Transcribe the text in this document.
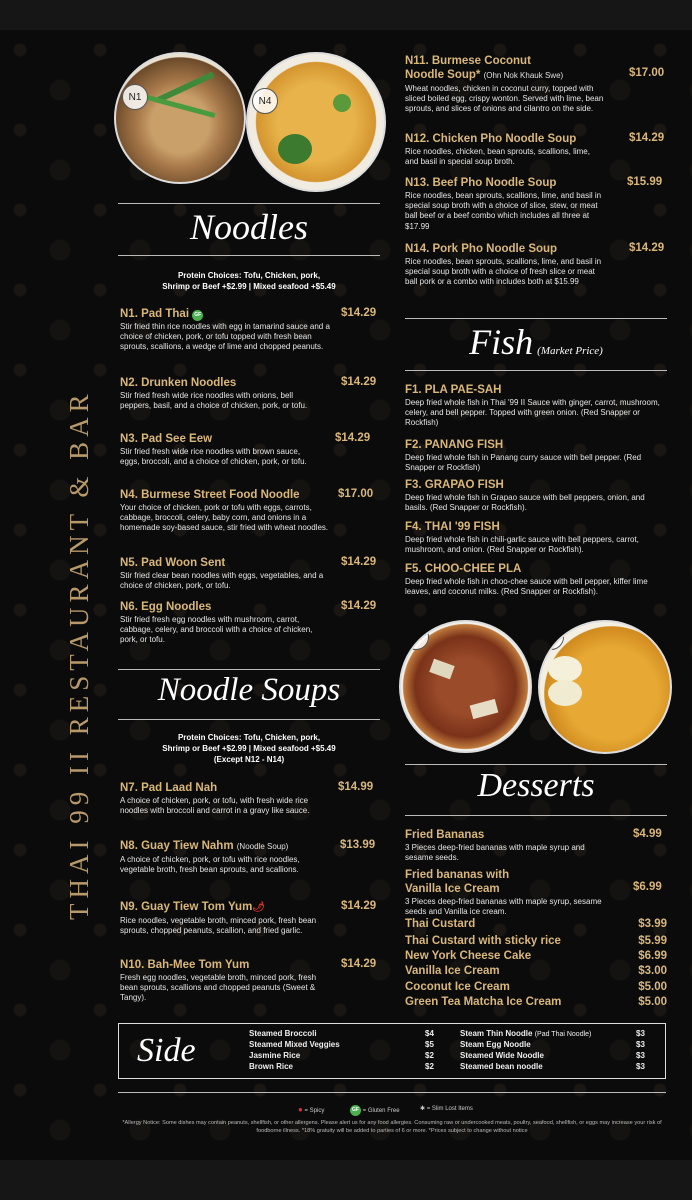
THAI 99 II RESTAURANT & BAR
N1	N4
Noodles
Protein Choices: Tofu, Chicken, pork,
Shrimp or Beef +$2.99 | Mixed seafood +$5.49
N1. Pad Thai GF	$14.29
Stir fried thin rice noodles with egg in tamarind sauce and a choice of chicken, pork, or tofu topped with fresh bean sprouts, scallions, a wedge of lime and chopped peanuts.
N2. Drunken Noodles	$14.29
Stir fried fresh wide rice noodles with onions, bell peppers, basil, and a choice of chicken, pork, or tofu.
N3. Pad See Eew	$14.29
Stir fried fresh wide rice noodles with brown sauce, eggs, broccoli, and a choice of chicken, pork, or tofu.
N4. Burmese Street Food Noodle	$17.00
Your choice of chicken, pork or tofu with eggs, carrots, cabbage, broccoli, celery, baby corn, and onions in a homemade soy-based sauce, stir fried with wheat noodles.
N5. Pad Woon Sent	$14.29
Stir fried clear bean noodles with eggs, vegetables, and a choice of chicken, pork, or tofu.
N6. Egg Noodles	$14.29
Stir fried fresh egg noodles with mushroom, carrot, cabbage, celery, and broccoli with a choice of chicken, pork, or tofu.
Noodle Soups
Protein Choices: Tofu, Chicken, pork,
Shrimp or Beef +$2.99 | Mixed seafood +$5.49
(Except N12 - N14)
N7. Pad Laad Nah	$14.99
A choice of chicken, pork, or tofu, with fresh wide rice noodles with broccoli and carrot in a gravy like sauce.
N8. Guay Tiew Nahm (Noodle Soup)	$13.99
A choice of chicken, pork, or tofu with rice noodles, vegetable broth, fresh bean sprouts, and scallions.
N9. Guay Tiew Tom Yum🌶	$14.29
Rice noodles, vegetable broth, minced pork, fresh bean sprouts, chopped peanuts, scallion, and fried garlic.
N10. Bah-Mee Tom Yum	$14.29
Fresh egg noodles, vegetable broth, minced pork, fresh bean sprouts, scallions and chopped peanuts (Sweet & Tangy).
N11. Burmese Coconut
Noodle Soup* (Ohn Nok Khauk Swe)	$17.00
Wheat noodles, chicken in coconut curry, topped with sliced boiled egg, crispy wonton. Served with lime, bean sprouts, and slices of onions and cilantro on the side.
N12. Chicken Pho Noodle Soup	$14.29
Rice noodles, chicken, bean sprouts, scallions, lime, and basil in special soup broth.
N13. Beef Pho Noodle Soup	$15.99
Rice noodles, bean sprouts, scallions, lime, and basil in special soup broth with a choice of slice, stew, or meat ball beef or a beef combo which includes all three at $17.99
N14. Pork Pho Noodle Soup	$14.29
Rice noodles, bean sprouts, scallions, lime, and basil in special soup broth with a choice of fresh slice or meat ball pork or a combo with includes both at $15.99
Fish (Market Price)
F1. PLA PAE-SAH
Deep fried whole fish in Thai '99 II Sauce with ginger, carrot, mushroom, celery, and bell pepper. Topped with green onion. (Red Snapper or Rockfish)
F2. PANANG FISH
Deep fried whole fish in Panang curry sauce with bell pepper. (Red Snapper or Rockfish)
F3. GRAPAO FISH
Deep fried whole fish in Grapao sauce with bell peppers, onion, and basils. (Red Snapper or Rockfish).
F4. THAI '99 FISH
Deep fried whole fish in chili-garlic sauce with bell peppers, carrot, mushroom, and onion. (Red Snapper or Rockfish).
F5. CHOO-CHEE PLA
Deep fried whole fish in choo-chee sauce with bell pepper, kiffer lime leaves, and coconut milks. (Red Snapper or Rockfish).
N3	N11
Desserts
Fried Bananas	$4.99
3 Pieces deep-fried bananas with maple syrup and sesame seeds.
Fried bananas with
Vanilla Ice Cream	$6.99
3 Pieces deep-fried bananas with maple syrup, sesame seeds and Vanilla ice cream.
Thai Custard	$3.99
Thai Custard with sticky rice	$5.99
New York Cheese Cake	$6.99
Vanilla Ice Cream	$3.00
Coconut Ice Cream	$5.00
Green Tea Matcha Ice Cream	$5.00
Side	Steamed Broccoli	$4
Steamed Mixed Veggies	$5
Jasmine Rice	$2
Brown Rice	$2
Steam Thin Noodle (Pad Thai Noodle)	$3
Steam Egg Noodle	$3
Steamed Wide Noodle	$3
Steamed bean noodle	$3
● = Spicy	GF = Gluten Free	✱ = Slim Lost Items
*Allergy Notice: Some dishes may contain peanuts, shellfish, or other allergens. Please alert us for any food allergies. Consuming raw or undercooked meats, poultry, seafood, shellfish, or eggs may increase your risk of foodborne illness. *18% gratuity will be added to parties of 6 or more. *Prices subject to change without notice
